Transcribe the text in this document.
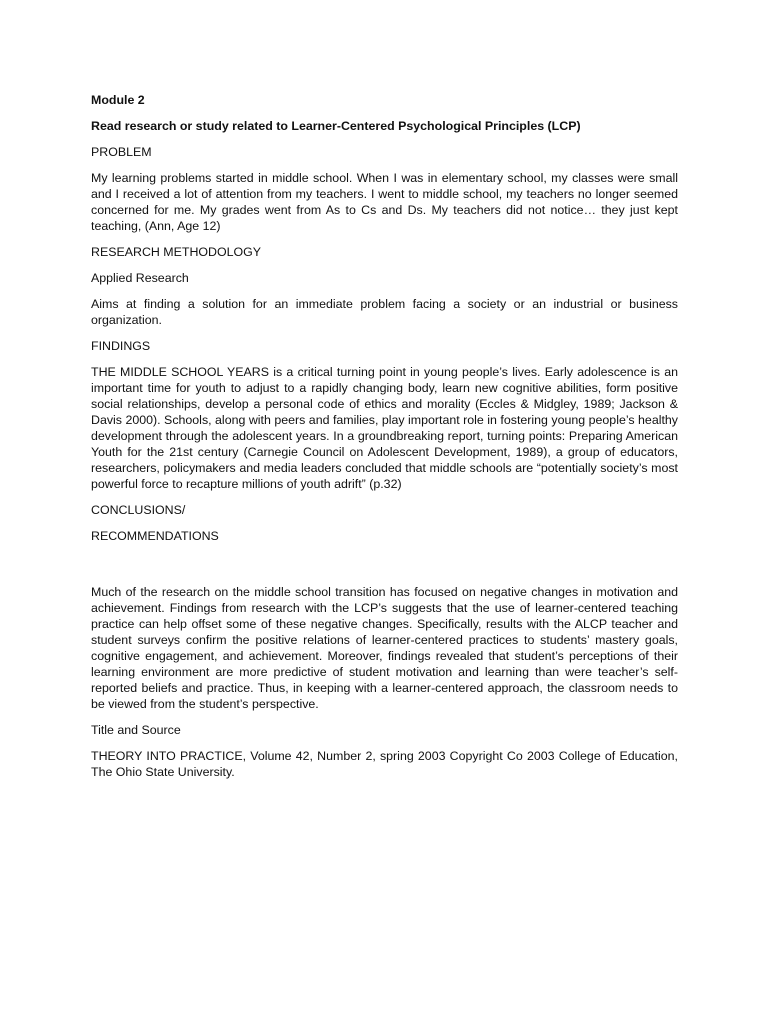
Module 2

Read research or study related to Learner-Centered Psychological Principles (LCP)

PROBLEM

My learning problems started in middle school. When I was in elementary school, my classes were small and I received a lot of attention from my teachers. I went to middle school, my teachers no longer seemed concerned for me. My grades went from As to Cs and Ds. My teachers did not notice… they just kept teaching, (Ann, Age 12)

RESEARCH METHODOLOGY

Applied Research

Aims at finding a solution for an immediate problem facing a society or an industrial or business organization.

FINDINGS

THE MIDDLE SCHOOL YEARS is a critical turning point in young people’s lives. Early adolescence is an important time for youth to adjust to a rapidly changing body, learn new cognitive abilities, form positive social relationships, develop a personal code of ethics and morality (Eccles & Midgley, 1989; Jackson & Davis 2000). Schools, along with peers and families, play important role in fostering young people’s healthy development through the adolescent years. In a groundbreaking report, turning points: Preparing American Youth for the 21st century (Carnegie Council on Adolescent Development, 1989), a group of educators, researchers, policymakers and media leaders concluded that middle schools are “potentially society’s most powerful force to recapture millions of youth adrift” (p.32)

CONCLUSIONS/

RECOMMENDATIONS

Much of the research on the middle school transition has focused on negative changes in motivation and achievement. Findings from research with the LCP’s suggests that the use of learner-centered teaching practice can help offset some of these negative changes. Specifically, results with the ALCP teacher and student surveys confirm the positive relations of learner-centered practices to students’ mastery goals, cognitive engagement, and achievement. Moreover, findings revealed that student’s perceptions of their learning environment are more predictive of student motivation and learning than were teacher’s self-reported beliefs and practice. Thus, in keeping with a learner-centered approach, the classroom needs to be viewed from the student’s perspective.

Title and Source

THEORY INTO PRACTICE, Volume 42, Number 2, spring 2003 Copyright Co 2003 College of Education, The Ohio State University.
